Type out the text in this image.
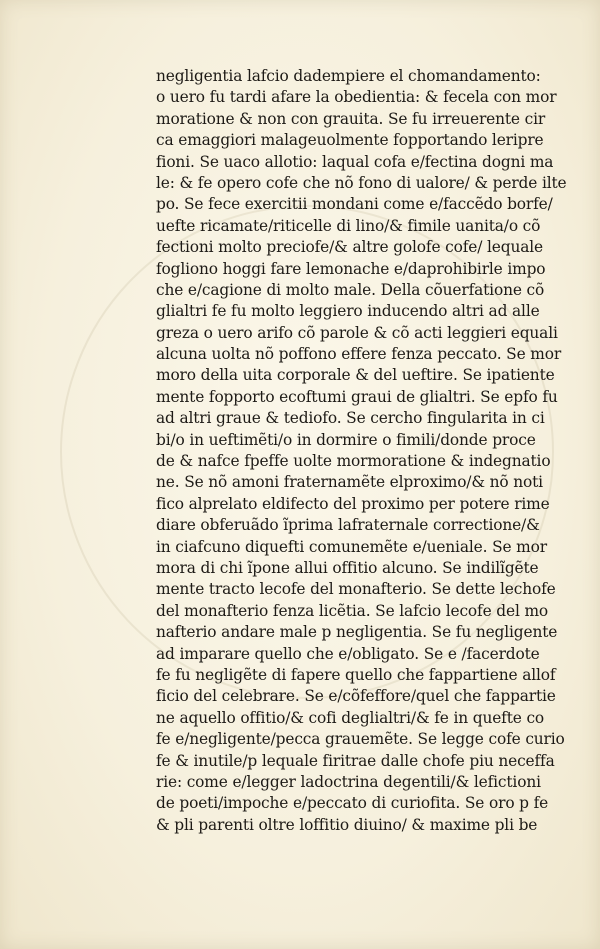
negligentia lafcio dadempiere el chomandamento:
o uero fu tardi afare la obedientia: & fecela con mor
moratione & non con grauita. Se fu irreuerente cir
ca emaggiori malageuolmente fopportando leripre
fioni. Se uaco allotio: laqual cofa e/fectina dogni ma
le: & fe opero cofe che nõ fono di ualore/ & perde ilte
po. Se fece exercitii mondani come e/faccẽdo borfe/
uefte ricamate/riticelle di lino/& fimile uanita/o cõ
fectioni molto preciofe/& altre golofe cofe/ lequale
fogliono hoggi fare lemonache e/daprohibirle impo
che e/cagione di molto male. Della cõuerfatione cõ
glialtri fe fu molto leggiero inducendo altri ad alle
greza o uero arifo cõ parole & cõ acti leggieri equali
alcuna uolta nõ poffono effere fenza peccato. Se mor
moro della uita corporale & del ueftire. Se ipatiente
mente fopporto ecoftumi graui de glialtri. Se epfo fu
ad altri graue & tediofo. Se cercho fingularita in ci
bi/o in ueftimẽti/o in dormire o fimili/donde proce
de & nafce fpeffe uolte mormoratione & indegnatio
ne. Se nõ amoni fraternamẽte elproximo/& nõ noti
fico alprelato eldifecto del proximo per potere rime
diare obferuãdo ĩprima lafraternale correctione/&
in ciafcuno diquefti comunemẽte e/ueniale. Se mor
mora di chi ĩpone allui offitio alcuno. Se indilĩgẽte
mente tracto lecofe del monafterio. Se dette lechofe
del monafterio fenza licẽtia. Se lafcio lecofe del mo
nafterio andare male p negligentia. Se fu negligente
ad imparare quello che e/obligato. Se e /facerdote
fe fu negligẽte di fapere quello che fappartiene allof
ficio del celebrare. Se e/cõfeffore/quel che fappartie
ne aquello offitio/& cofi deglialtri/& fe in quefte co
fe e/negligente/pecca grauemẽte. Se legge cofe curio
fe & inutile/p lequale firitrae dalle chofe piu neceffa
rie: come e/legger ladoctrina degentili/& lefictioni
de poeti/impoche e/peccato di curiofita. Se oro p fe
& pli parenti oltre loffitio diuino/ & maxime pli be
